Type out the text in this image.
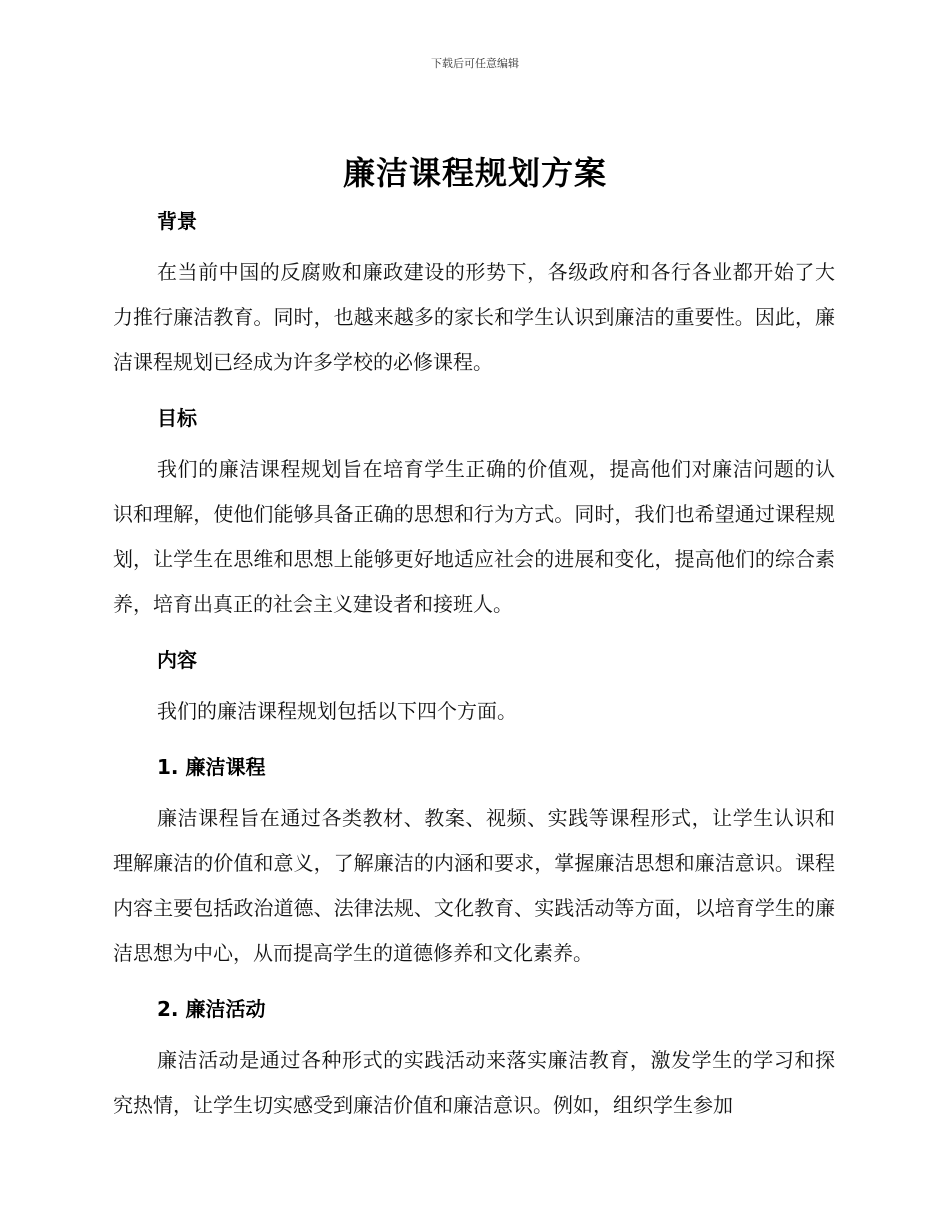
下载后可任意编辑
廉洁课程规划方案
背景

在当前中国的反腐败和廉政建设的形势下，各级政府和各行各业都开始了大力推行廉洁教育。同时，也越来越多的家长和学生认识到廉洁的重要性。因此，廉洁课程规划已经成为许多学校的必修课程。

目标

我们的廉洁课程规划旨在培育学生正确的价值观，提高他们对廉洁问题的认识和理解，使他们能够具备正确的思想和行为方式。同时，我们也希望通过课程规划，让学生在思维和思想上能够更好地适应社会的进展和变化，提高他们的综合素养，培育出真正的社会主义建设者和接班人。

内容

我们的廉洁课程规划包括以下四个方面。

1. 廉洁课程

廉洁课程旨在通过各类教材、教案、视频、实践等课程形式，让学生认识和理解廉洁的价值和意义，了解廉洁的内涵和要求，掌握廉洁思想和廉洁意识。课程内容主要包括政治道德、法律法规、文化教育、实践活动等方面，以培育学生的廉洁思想为中心，从而提高学生的道德修养和文化素养。

2. 廉洁活动

廉洁活动是通过各种形式的实践活动来落实廉洁教育，激发学生的学习和探究热情，让学生切实感受到廉洁价值和廉洁意识。例如，组织学生参加
